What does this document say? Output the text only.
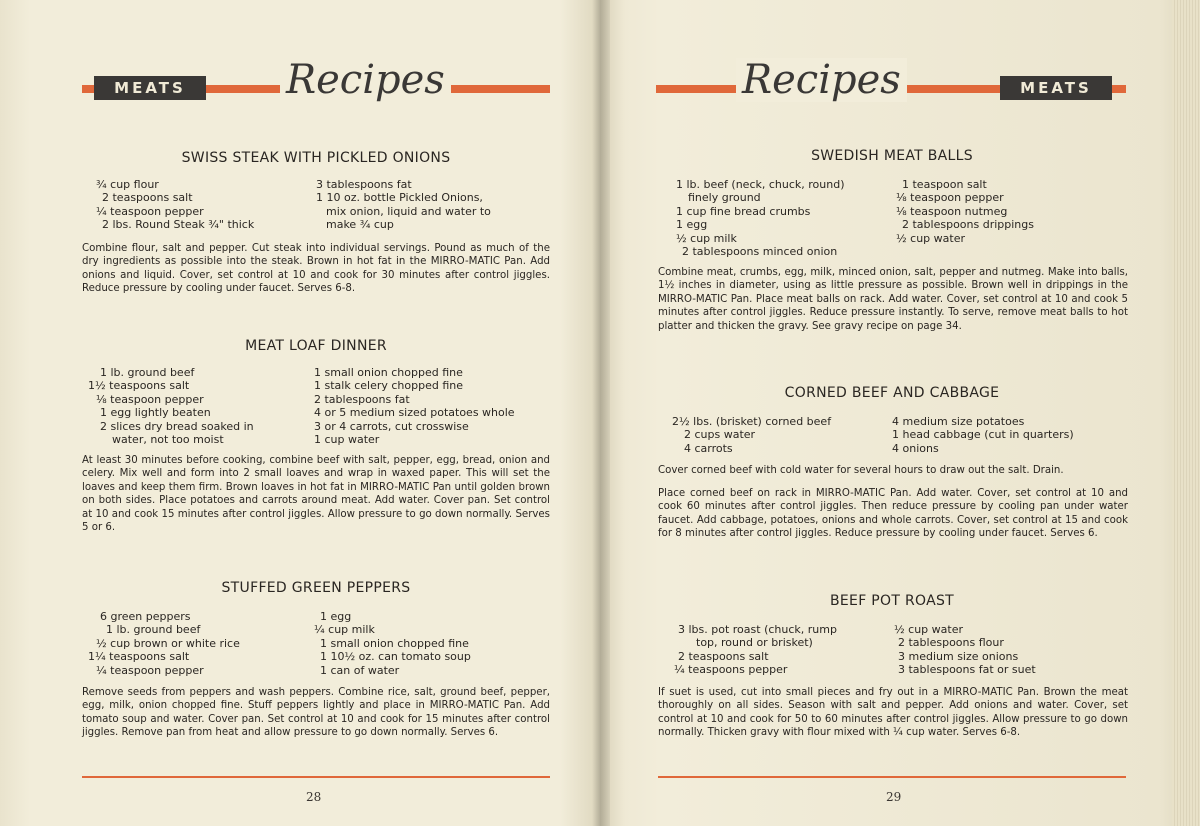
MEATS	Recipes
SWISS STEAK WITH PICKLED ONIONS
¾ cup flour
2 teaspoons salt
¼ teaspoon pepper
2 lbs. Round Steak ¾" thick
3 tablespoons fat
1 10 oz. bottle Pickled Onions,
mix onion, liquid and water to
make ¾ cup
Combine flour, salt and pepper. Cut steak into individual servings. Pound as much of the dry ingredients as possible into the steak. Brown in hot fat in the MIRRO-MATIC Pan. Add onions and liquid. Cover, set control at 10 and cook for 30 minutes after control jiggles. Reduce pressure by cooling under faucet. Serves 6-8.
MEAT LOAF DINNER
1 lb. ground beef
1½ teaspoons salt
⅛ teaspoon pepper
1 egg lightly beaten
2 slices dry bread soaked in
water, not too moist
1 small onion chopped fine
1 stalk celery chopped fine
2 tablespoons fat
4 or 5 medium sized potatoes whole
3 or 4 carrots, cut crosswise
1 cup water
At least 30 minutes before cooking, combine beef with salt, pepper, egg, bread, onion and celery. Mix well and form into 2 small loaves and wrap in waxed paper. This will set the loaves and keep them firm. Brown loaves in hot fat in MIRRO-MATIC Pan until golden brown on both sides. Place potatoes and carrots around meat. Add water. Cover pan. Set control at 10 and cook 15 minutes after control jiggles. Allow pressure to go down normally. Serves 5 or 6.
STUFFED GREEN PEPPERS
6 green peppers
1 lb. ground beef
½ cup brown or white rice
1¼ teaspoons salt
¼ teaspoon pepper
1 egg
¼ cup milk
1 small onion chopped fine
1 10½ oz. can tomato soup
1 can of water
Remove seeds from peppers and wash peppers. Combine rice, salt, ground beef, pepper, egg, milk, onion chopped fine. Stuff peppers lightly and place in MIRRO-MATIC Pan. Add tomato soup and water. Cover pan. Set control at 10 and cook for 15 minutes after control jiggles. Remove pan from heat and allow pressure to go down normally. Serves 6.
28
Recipes	MEATS
SWEDISH MEAT BALLS
1 lb. beef (neck, chuck, round)
finely ground
1 cup fine bread crumbs
1 egg
½ cup milk
2 tablespoons minced onion
1 teaspoon salt
⅛ teaspoon pepper
⅛ teaspoon nutmeg
2 tablespoons drippings
½ cup water
Combine meat, crumbs, egg, milk, minced onion, salt, pepper and nutmeg. Make into balls, 1½ inches in diameter, using as little pressure as possible. Brown well in drippings in the MIRRO-MATIC Pan. Place meat balls on rack. Add water. Cover, set control at 10 and cook 5 minutes after control jiggles. Reduce pressure instantly. To serve, remove meat balls to hot platter and thicken the gravy. See gravy recipe on page 34.
CORNED BEEF AND CABBAGE
2½ lbs. (brisket) corned beef
2 cups water
4 carrots
4 medium size potatoes
1 head cabbage (cut in quarters)
4 onions
Cover corned beef with cold water for several hours to draw out the salt. Drain.
Place corned beef on rack in MIRRO-MATIC Pan. Add water. Cover, set control at 10 and cook 60 minutes after control jiggles. Then reduce pressure by cooling pan under water faucet. Add cabbage, potatoes, onions and whole carrots. Cover, set control at 15 and cook for 8 minutes after control jiggles. Reduce pressure by cooling under faucet. Serves 6.
BEEF POT ROAST
3 lbs. pot roast (chuck, rump
top, round or brisket)
2 teaspoons salt
¼ teaspoons pepper
½ cup water
2 tablespoons flour
3 medium size onions
3 tablespoons fat or suet
If suet is used, cut into small pieces and fry out in a MIRRO-MATIC Pan. Brown the meat thoroughly on all sides. Season with salt and pepper. Add onions and water. Cover, set control at 10 and cook for 50 to 60 minutes after control jiggles. Allow pressure to go down normally. Thicken gravy with flour mixed with ¼ cup water. Serves 6-8.
29
